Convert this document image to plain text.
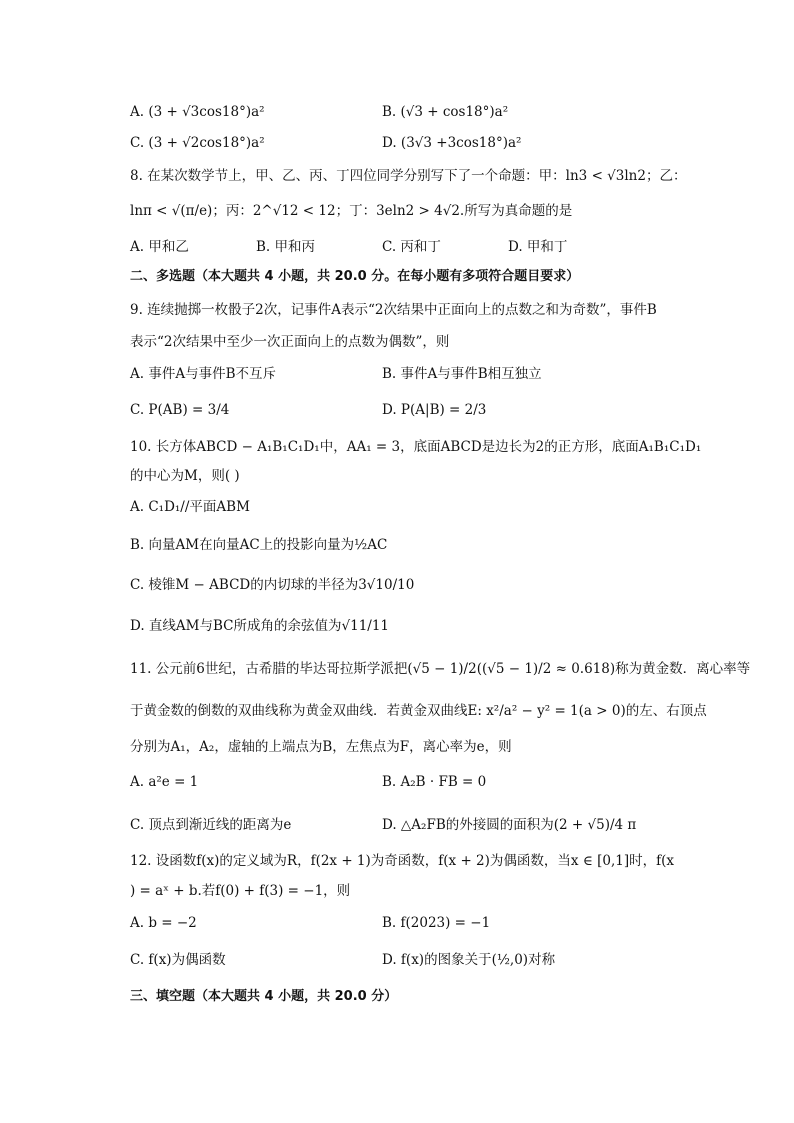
A. (3 + √3cos18°)a²	B. (√3 + cos18°)a²
C. (3 + √2cos18°)a²	D. (3√3 +3cos18°)a²
8. 在某次数学节上，甲、乙、丙、丁四位同学分别写下了一个命题：甲：ln3 < √3ln2；乙：
lnπ < √(π/e)；丙：2^√12 < 12；丁：3eln2 > 4√2.所写为真命题的是
A. 甲和乙	B. 甲和丙	C. 丙和丁	D. 甲和丁
二、多选题（本大题共 4 小题，共 20.0 分。在每小题有多项符合题目要求）
9. 连续抛掷一枚骰子2次，记事件A表示“2次结果中正面向上的点数之和为奇数”，事件B
表示“2次结果中至少一次正面向上的点数为偶数”，则
A. 事件A与事件B不互斥	B. 事件A与事件B相互独立
C. P(AB) = 3/4	D. P(A|B) = 2/3
10. 长方体ABCD − A₁B₁C₁D₁中，AA₁ = 3，底面ABCD是边长为2的正方形，底面A₁B₁C₁D₁
的中心为M，则( )
A. C₁D₁//平面ABM
B. 向量AM在向量AC上的投影向量为½AC
C. 棱锥M − ABCD的内切球的半径为3√10/10
D. 直线AM与BC所成角的余弦值为√11/11
11. 公元前6世纪，古希腊的毕达哥拉斯学派把(√5 − 1)/2((√5 − 1)/2 ≈ 0.618)称为黄金数．离心率等
于黄金数的倒数的双曲线称为黄金双曲线．若黄金双曲线E: x²/a² − y² = 1(a > 0)的左、右顶点
分别为A₁，A₂，虚轴的上端点为B，左焦点为F，离心率为e，则
A. a²e = 1	B. A₂B · FB = 0
C. 顶点到渐近线的距离为e	D. △A₂FB的外接圆的面积为(2 + √5)/4 π
12. 设函数f(x)的定义域为R，f(2x + 1)为奇函数，f(x + 2)为偶函数，当x ∈ [0,1]时，f(x
) = aˣ + b.若f(0) + f(3) = −1，则
A. b = −2	B. f(2023) = −1
C. f(x)为偶函数	D. f(x)的图象关于(½,0)对称
三、填空题（本大题共 4 小题，共 20.0 分）
